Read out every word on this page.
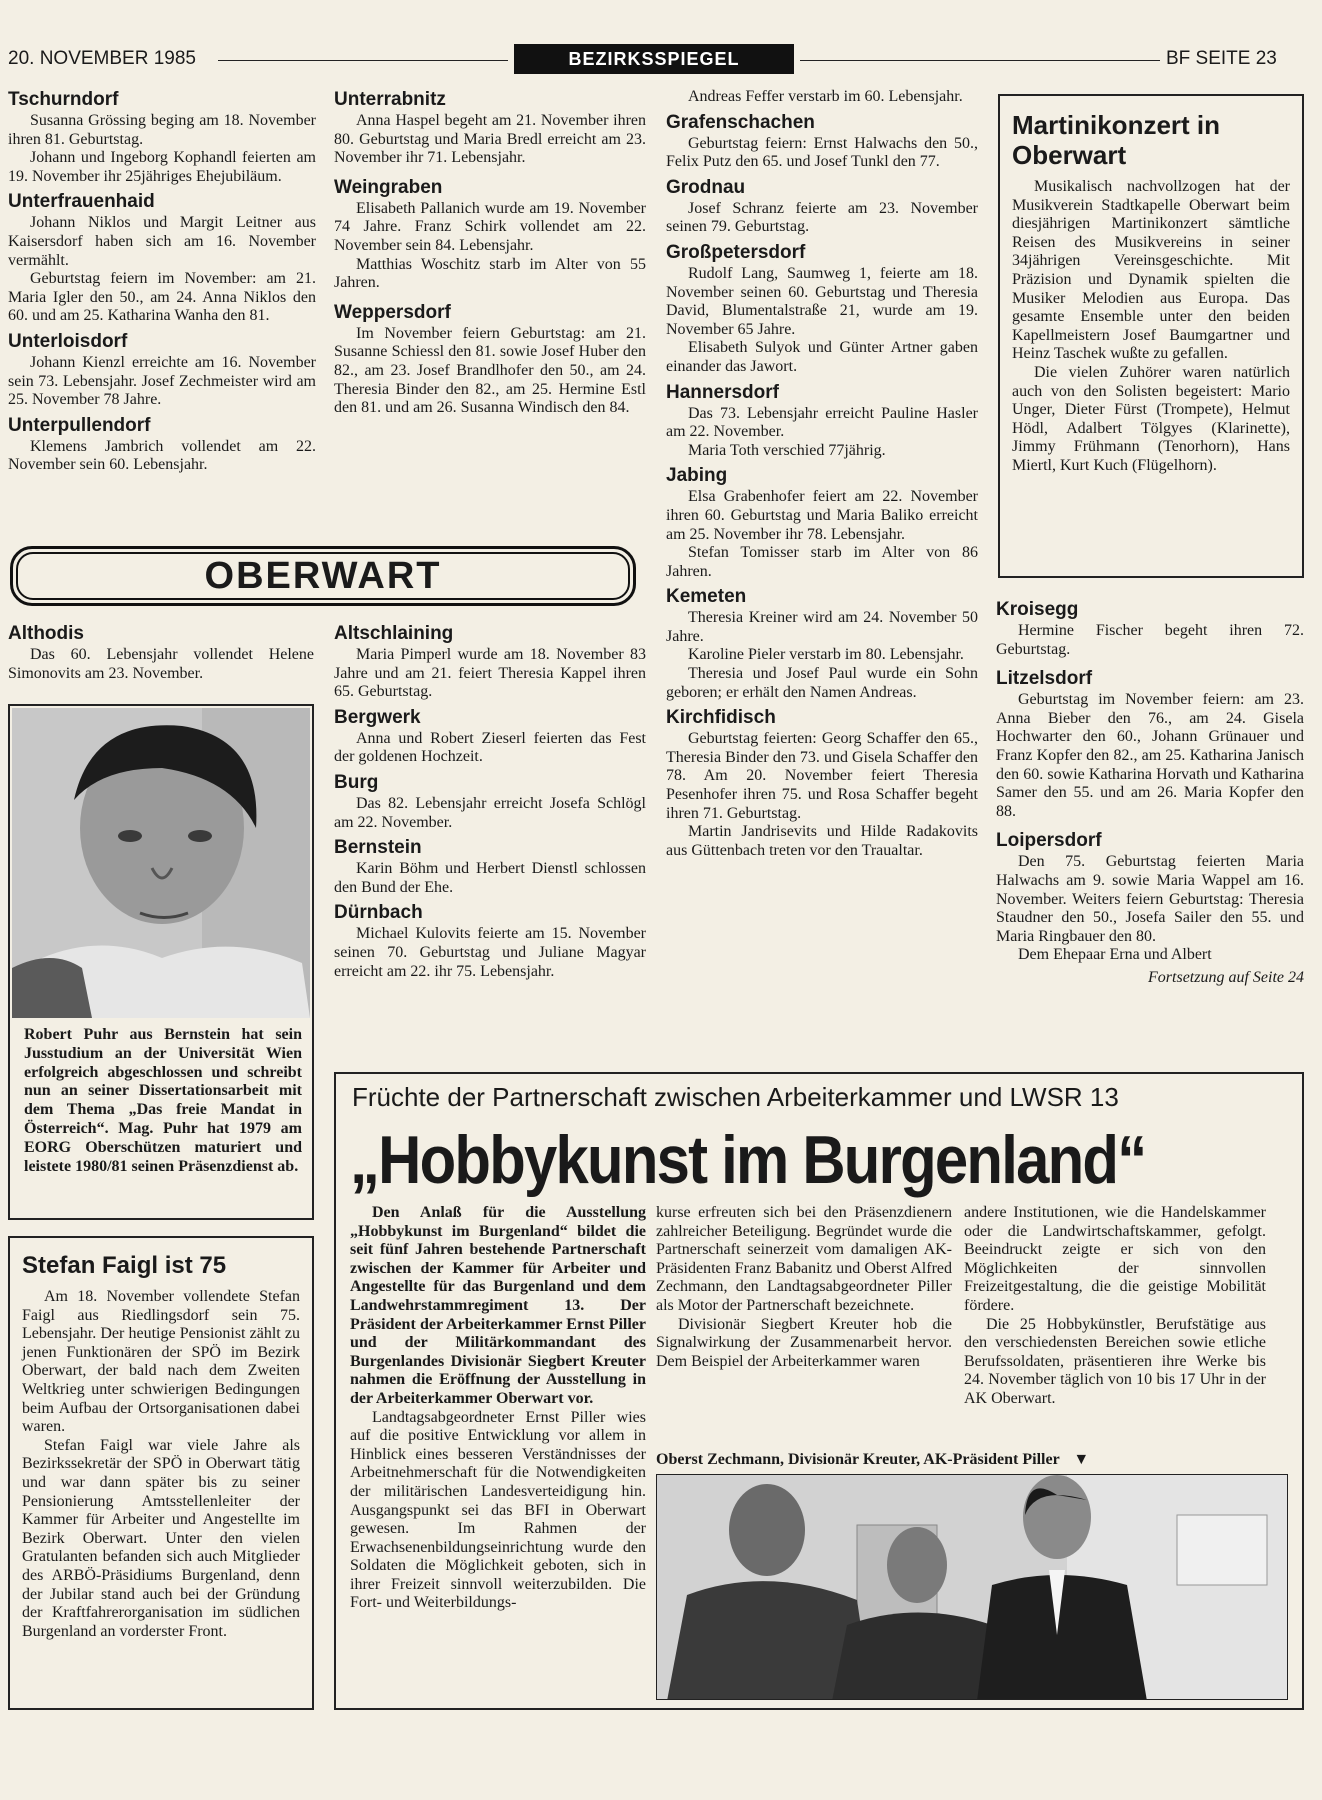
20. NOVEMBER 1985	BEZIRKSSPIEGEL	BF SEITE 23
Tschurndorf

Susanna Grössing beging am 18. November ihren 81. Geburtstag.

Johann und Ingeborg Kophandl feierten am 19. November ihr 25jähriges Ehejubiläum.

Unterfrauenhaid

Johann Niklos und Margit Leitner aus Kaisersdorf haben sich am 16. November vermählt.

Geburtstag feiern im November: am 21. Maria Igler den 50., am 24. Anna Niklos den 60. und am 25. Katharina Wanha den 81.

Unterloisdorf

Johann Kienzl erreichte am 16. November sein 73. Lebensjahr. Josef Zechmeister wird am 25. November 78 Jahre.

Unterpullendorf

Klemens Jambrich vollendet am 22. November sein 60. Lebensjahr.

Unterrabnitz

Anna Haspel begeht am 21. November ihren 80. Geburtstag und Maria Bredl erreicht am 23. November ihr 71. Lebensjahr.

Weingraben

Elisabeth Pallanich wurde am 19. November 74 Jahre. Franz Schirk vollendet am 22. November sein 84. Lebensjahr.

Matthias Woschitz starb im Alter von 55 Jahren.

Weppersdorf

Im November feiern Geburtstag: am 21. Susanne Schiessl den 81. sowie Josef Huber den 82., am 23. Josef Brandlhofer den 50., am 24. Theresia Binder den 82., am 25. Hermine Estl den 81. und am 26. Susanna Windisch den 84.

Andreas Feffer verstarb im 60. Lebensjahr.

Grafenschachen

Geburtstag feiern: Ernst Halwachs den 50., Felix Putz den 65. und Josef Tunkl den 77.

Grodnau

Josef Schranz feierte am 23. November seinen 79. Geburtstag.

Großpetersdorf

Rudolf Lang, Saumweg 1, feierte am 18. November seinen 60. Geburtstag und Theresia David, Blumentalstraße 21, wurde am 19. November 65 Jahre.

Elisabeth Sulyok und Günter Artner gaben einander das Jawort.

Hannersdorf

Das 73. Lebensjahr erreicht Pauline Hasler am 22. November.

Maria Toth verschied 77jährig.

Jabing

Elsa Grabenhofer feiert am 22. November ihren 60. Geburtstag und Maria Baliko erreicht am 25. November ihr 78. Lebensjahr.

Stefan Tomisser starb im Alter von 86 Jahren.

Kemeten

Theresia Kreiner wird am 24. November 50 Jahre.

Karoline Pieler verstarb im 80. Lebensjahr.

Theresia und Josef Paul wurde ein Sohn geboren; er erhält den Namen Andreas.

Kirchfidisch

Geburtstag feierten: Georg Schaffer den 65., Theresia Binder den 73. und Gisela Schaffer den 78. Am 20. November feiert Theresia Pesenhofer ihren 75. und Rosa Schaffer begeht ihren 71. Geburtstag.

Martin Jandrisevits und Hilde Radakovits aus Güttenbach treten vor den Traualtar.

Martinikonzert in Oberwart

Musikalisch nachvollzogen hat der Musikverein Stadtkapelle Oberwart beim diesjährigen Martinikonzert sämtliche Reisen des Musikvereins in seiner 34jährigen Vereinsgeschichte. Mit Präzision und Dynamik spielten die Musiker Melodien aus Europa. Das gesamte Ensemble unter den beiden Kapellmeistern Josef Baumgartner und Heinz Taschek wußte zu gefallen.

Die vielen Zuhörer waren natürlich auch von den Solisten begeistert: Mario Unger, Dieter Fürst (Trompete), Helmut Hödl, Adalbert Tölgyes (Klarinette), Jimmy Frühmann (Tenorhorn), Hans Miertl, Kurt Kuch (Flügelhorn).

Kroisegg

Hermine Fischer begeht ihren 72. Geburtstag.

Litzelsdorf

Geburtstag im November feiern: am 23. Anna Bieber den 76., am 24. Gisela Hochwarter den 60., Johann Grünauer und Franz Kopfer den 82., am 25. Katharina Janisch den 60. sowie Katharina Horvath und Katharina Samer den 55. und am 26. Maria Kopfer den 88.

Loipersdorf

Den 75. Geburtstag feierten Maria Halwachs am 9. sowie Maria Wappel am 16. November. Weiters feiern Geburtstag: Theresia Staudner den 50., Josefa Sailer den 55. und Maria Ringbauer den 80.

Dem Ehepaar Erna und Albert

Fortsetzung auf Seite 24
OBERWART
Althodis

Das 60. Lebensjahr vollendet Helene Simonovits am 23. November.

Robert Puhr aus Bernstein hat sein Jusstudium an der Universität Wien erfolgreich abgeschlossen und schreibt nun an seiner Dissertationsarbeit mit dem Thema „Das freie Mandat in Österreich“. Mag. Puhr hat 1979 am EORG Oberschützen maturiert und leistete 1980/81 seinen Präsenzdienst ab.
Altschlaining

Maria Pimperl wurde am 18. November 83 Jahre und am 21. feiert Theresia Kappel ihren 65. Geburtstag.

Bergwerk

Anna und Robert Zieserl feierten das Fest der goldenen Hochzeit.

Burg

Das 82. Lebensjahr erreicht Josefa Schlögl am 22. November.

Bernstein

Karin Böhm und Herbert Dienstl schlossen den Bund der Ehe.

Dürnbach

Michael Kulovits feierte am 15. November seinen 70. Geburtstag und Juliane Magyar erreicht am 22. ihr 75. Lebensjahr.

Stefan Faigl ist 75

Am 18. November vollendete Stefan Faigl aus Riedlingsdorf sein 75. Lebensjahr. Der heutige Pensionist zählt zu jenen Funktionären der SPÖ im Bezirk Oberwart, der bald nach dem Zweiten Weltkrieg unter schwierigen Bedingungen beim Aufbau der Ortsorganisationen dabei waren.

Stefan Faigl war viele Jahre als Bezirkssekretär der SPÖ in Oberwart tätig und war dann später bis zu seiner Pensionierung Amtsstellenleiter der Kammer für Arbeiter und Angestellte im Bezirk Oberwart. Unter den vielen Gratulanten befanden sich auch Mitglieder des ARBÖ-Präsidiums Burgenland, denn der Jubilar stand auch bei der Gründung der Kraftfahrerorganisation im südlichen Burgenland an vorderster Front.

Früchte der Partnerschaft zwischen Arbeiterkammer und LWSR 13
„Hobbykunst im Burgenland“

Den Anlaß für die Ausstellung „Hobbykunst im Burgenland“ bildet die seit fünf Jahren bestehende Partnerschaft zwischen der Kammer für Arbeiter und Angestellte für das Burgenland und dem Landwehrstammregiment 13. Der Präsident der Arbeiterkammer Ernst Piller und der Militärkommandant des Burgenlandes Divisionär Siegbert Kreuter nahmen die Eröffnung der Ausstellung in der Arbeiterkammer Oberwart vor.

Landtagsabgeordneter Ernst Piller wies auf die positive Entwicklung vor allem in Hinblick eines besseren Verständnisses der Arbeitnehmerschaft für die Notwendigkeiten der militärischen Landesverteidigung hin. Ausgangspunkt sei das BFI in Oberwart gewesen. Im Rahmen der Erwachsenenbildungseinrichtung wurde den Soldaten die Möglichkeit geboten, sich in ihrer Freizeit sinnvoll weiterzubilden. Die Fort- und Weiterbildungs-

kurse erfreuten sich bei den Präsenzdienern zahlreicher Beteiligung. Begründet wurde die Partnerschaft seinerzeit vom damaligen AK-Präsidenten Franz Babanitz und Oberst Alfred Zechmann, den Landtagsabgeordneter Piller als Motor der Partnerschaft bezeichnete.

Divisionär Siegbert Kreuter hob die Signalwirkung der Zusammenarbeit hervor. Dem Beispiel der Arbeiterkammer waren

andere Institutionen, wie die Handelskammer oder die Landwirtschaftskammer, gefolgt. Beeindruckt zeigte er sich von den Möglichkeiten der sinnvollen Freizeitgestaltung, die die geistige Mobilität fördere.

Die 25 Hobbykünstler, Berufstätige aus den verschiedensten Bereichen sowie etliche Berufssoldaten, präsentieren ihre Werke bis 24. November täglich von 10 bis 17 Uhr in der AK Oberwart.

Oberst Zechmann, Divisionär Kreuter, AK-Präsident Piller ▼
